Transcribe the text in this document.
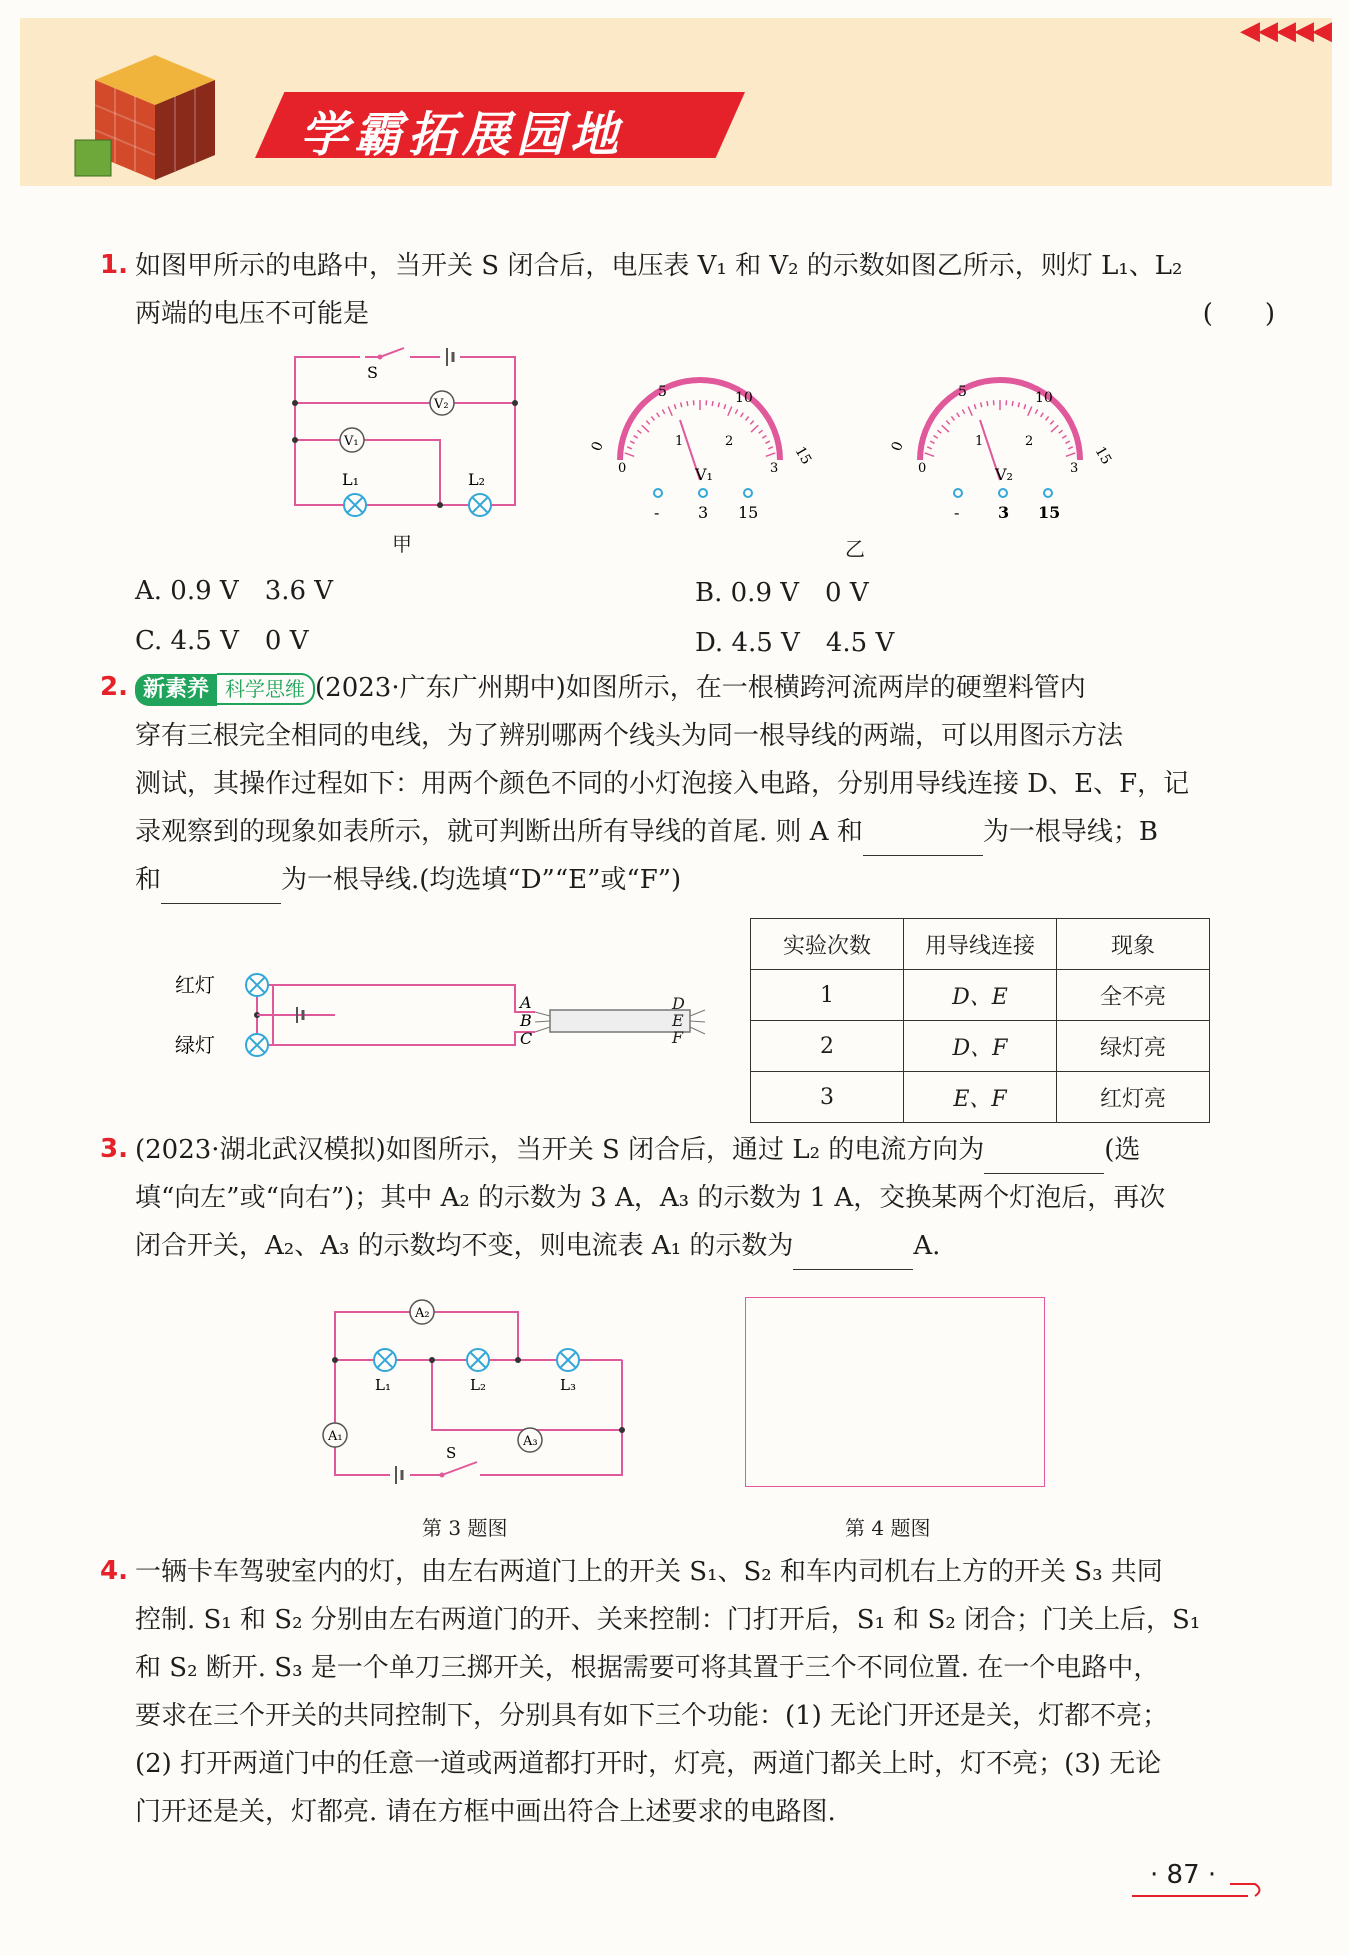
学霸拓展园地
◀◀◀◀◀
1. 如图甲所示的电路中，当开关 S 闭合后，电压表 V₁ 和 V₂ 的示数如图乙所示，则灯 L₁、L₂
两端的电压不可能是	(　　)
S
V₂
V₁
L₁	L₂
甲
0
5	10
15
0
1	2
3
V₁
- 3 15
0
5	10
15
0
1	2
3
V₂
- 3 15
乙
A. 0.9 V　3.6 V	B. 0.9 V　0 V
C. 4.5 V　0 V	D. 4.5 V　4.5 V
2. 新素养 科学思维 (2023·广东广州期中)如图所示，在一根横跨河流两岸的硬塑料管内
穿有三根完全相同的电线，为了辨别哪两个线头为同一根导线的两端，可以用图示方法
测试，其操作过程如下：用两个颜色不同的小灯泡接入电路，分别用导线连接 D、E、F，记
录观察到的现象如表所示，就可判断出所有导线的首尾. 则 A 和	为一根导线；B
和	为一根导线.(均选填“D”“E”或“F”)
红灯
绿灯
A
B
C
D
E
F
实验次数	用导线连接	现象
1	D、E	全不亮
2	D、F	绿灯亮
3	E、F	红灯亮
3. (2023·湖北武汉模拟)如图所示，当开关 S 闭合后，通过 L₂ 的电流方向为	(选
填“向左”或“向右”)；其中 A₂ 的示数为 3 A，A₃ 的示数为 1 A，交换某两个灯泡后，再次
闭合开关，A₂、A₃ 的示数均不变，则电流表 A₁ 的示数为	A.
A₂
A₁	A₃
L₁	L₂	L₃
S
第 3 题图	第 4 题图
4. 一辆卡车驾驶室内的灯，由左右两道门上的开关 S₁、S₂ 和车内司机右上方的开关 S₃ 共同
控制. S₁ 和 S₂ 分别由左右两道门的开、关来控制：门打开后，S₁ 和 S₂ 闭合；门关上后，S₁
和 S₂ 断开. S₃ 是一个单刀三掷开关，根据需要可将其置于三个不同位置. 在一个电路中，
要求在三个开关的共同控制下，分别具有如下三个功能：(1) 无论门开还是关，灯都不亮；
(2) 打开两道门中的任意一道或两道都打开时，灯亮，两道门都关上时，灯不亮；(3) 无论
门开还是关，灯都亮. 请在方框中画出符合上述要求的电路图.
· 87 ·
